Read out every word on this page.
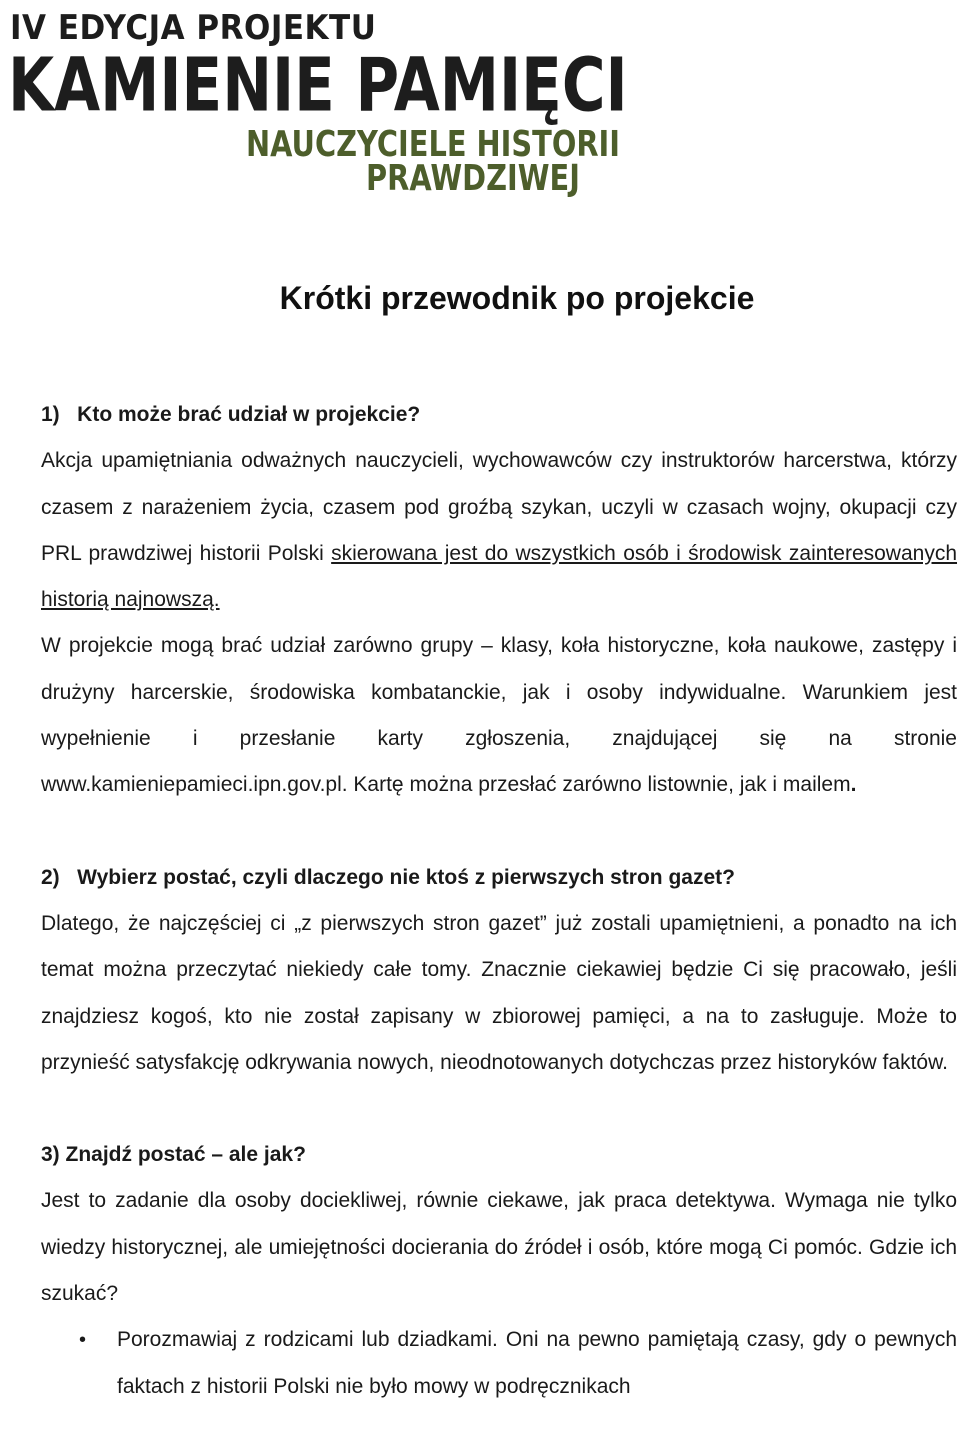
IV EDYCJA PROJEKTU
KAMIENIE PAMIĘCI
NAUCZYCIELE HISTORII
PRAWDZIWEJ
Krótki przewodnik po projekcie
1)   Kto może brać udział w projekcie?

Akcja upamiętniania odważnych nauczycieli, wychowawców czy instruktorów harcerstwa, którzy czasem z narażeniem życia, czasem pod groźbą szykan, uczyli w czasach wojny, okupacji czy PRL prawdziwej historii Polski skierowana jest do wszystkich osób i środowisk zainteresowanych historią najnowszą.

W projekcie mogą brać udział zarówno grupy – klasy, koła historyczne, koła naukowe, zastępy i drużyny harcerskie, środowiska kombatanckie, jak i osoby indywidualne. Warunkiem jest wypełnienie i przesłanie karty zgłoszenia, znajdującej się na stronie www.kamieniepamieci.ipn.gov.pl. Kartę można przesłać zarówno listownie, jak i mailem.

2)   Wybierz postać, czyli dlaczego nie ktoś z pierwszych stron gazet?

Dlatego, że najczęściej ci „z pierwszych stron gazet” już zostali upamiętnieni, a ponadto na ich temat można przeczytać niekiedy całe tomy. Znacznie ciekawiej będzie Ci się pracowało, jeśli znajdziesz kogoś, kto nie został zapisany w zbiorowej pamięci, a na to zasługuje. Może to przynieść satysfakcję odkrywania nowych, nieodnotowanych dotychczas przez historyków faktów.

3) Znajdź postać – ale jak?

Jest to zadanie dla osoby dociekliwej, równie ciekawe, jak praca detektywa. Wymaga nie tylko wiedzy historycznej, ale umiejętności docierania do źródeł i osób, które mogą Ci pomóc. Gdzie ich szukać?

• Porozmawiaj z rodzicami lub dziadkami. Oni na pewno pamiętają czasy, gdy o pewnych faktach z historii Polski nie było mowy w podręcznikach
